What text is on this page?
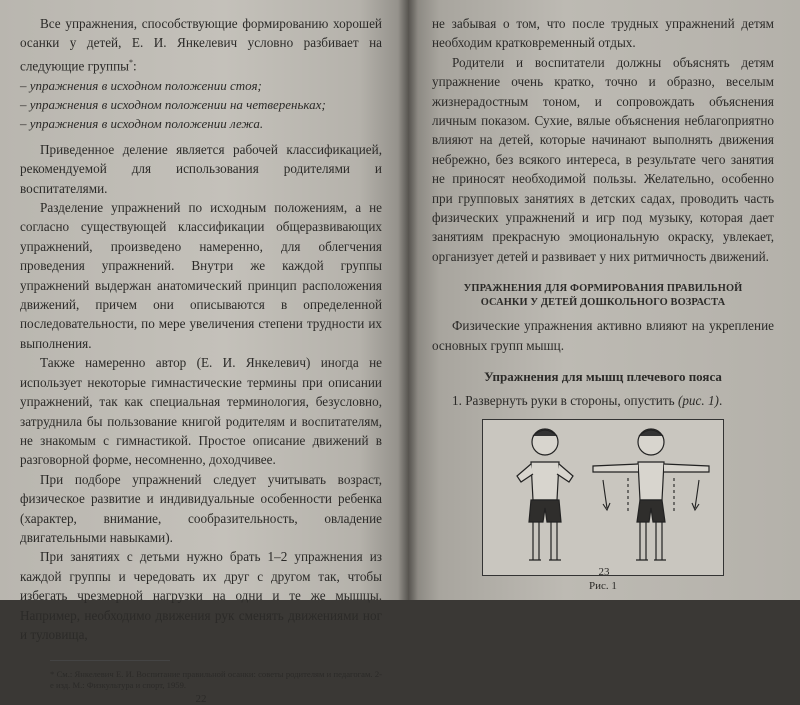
Все упражнения, способствующие формированию хорошей осанки у детей, Е. И. Янкелевич условно разбивает на следующие группы*:

– упражнения в исходном положении стоя;

– упражнения в исходном положении на четвереньках;

– упражнения в исходном положении лежа.

Приведенное деление является рабочей классификацией, рекомендуемой для использования родителями и воспитателями.

Разделение упражнений по исходным положениям, а не согласно существующей классификации общеразвивающих упражнений, произведено намеренно, для облегчения проведения упражнений. Внутри же каждой группы упражнений выдержан анатомический принцип расположения движений, причем они описываются в определенной последовательности, по мере увеличения степени трудности их выполнения.

Также намеренно автор (Е. И. Янкелевич) иногда не использует некоторые гимнастические термины при описании упражнений, так как специальная терминология, безусловно, затруднила бы пользование книгой родителям и воспитателям, не знакомым с гимнастикой. Простое описание движений в разговорной форме, несомненно, доходчивее.

При подборе упражнений следует учитывать возраст, физическое развитие и индивидуальные особенности ребенка (характер, внимание, сообразительность, овладение двигательными навыками).

При занятиях с детьми нужно брать 1–2 упражнения из каждой группы и чередовать их друг с другом так, чтобы избегать чрезмерной нагрузки на одни и те же мышцы. Например, необходимо движения рук сменять движениями ног и туловища,

* См.: Янкелевич Е. И. Воспитание правильной осанки: советы родителям и педагогам. 2-е изд. М.: Физкультура и спорт, 1959.

22

не забывая о том, что после трудных упражнений детям необходим кратковременный отдых.

Родители и воспитатели должны объяснять детям упражнение очень кратко, точно и образно, веселым жизнерадостным тоном, и сопровождать объяснения личным показом. Сухие, вялые объяснения неблагоприятно влияют на детей, которые начинают выполнять движения небрежно, без всякого интереса, в результате чего занятия не приносят необходимой пользы. Желательно, особенно при групповых занятиях в детских садах, проводить часть физических упражнений и игр под музыку, которая дает занятиям прекрасную эмоциональную окраску, увлекает, организует детей и развивает у них ритмичность движений.

УПРАЖНЕНИЯ ДЛЯ ФОРМИРОВАНИЯ ПРАВИЛЬНОЙ
ОСАНКИ У ДЕТЕЙ ДОШКОЛЬНОГО ВОЗРАСТА

Физические упражнения активно влияют на укрепление основных групп мышц.

Упражнения для мышц плечевого пояса

1. Развернуть руки в стороны, опустить (рис. 1).

Рис. 1
23
